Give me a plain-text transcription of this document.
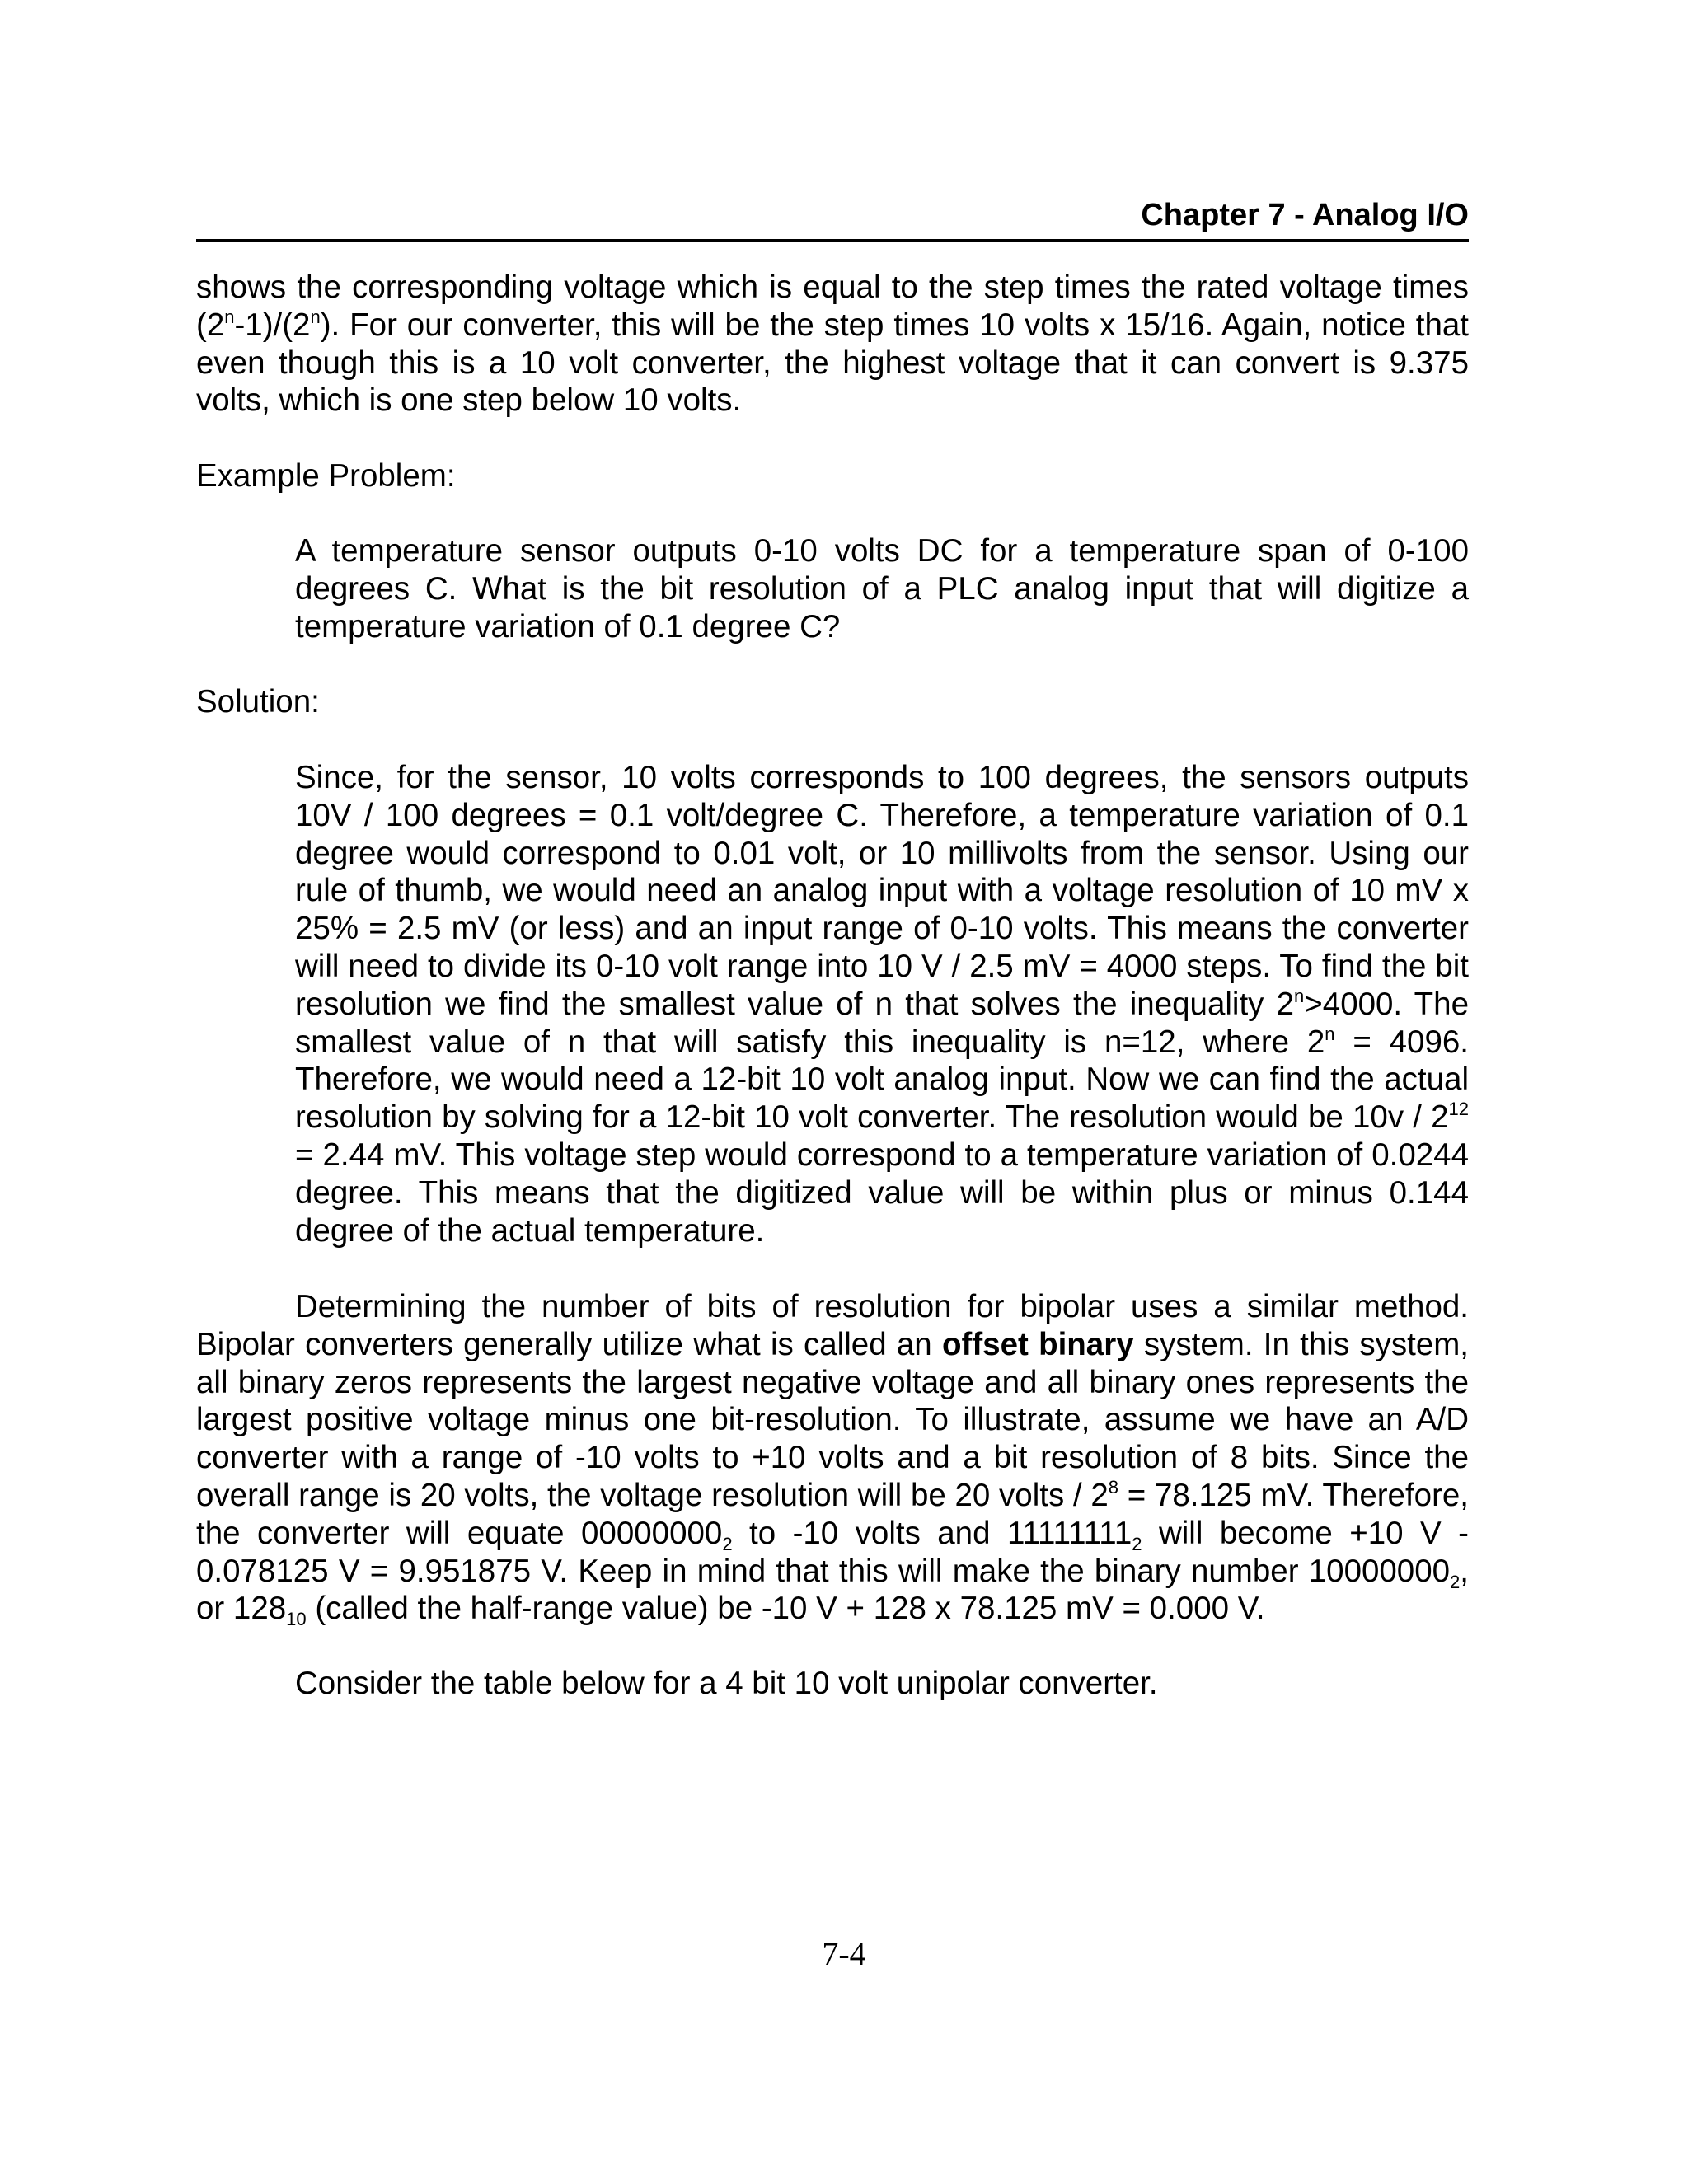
Chapter 7 - Analog I/O

shows the corresponding voltage which is equal to the step times the rated voltage times (2$^n$-1)/(2$^n$). For our converter, this will be the step times 10 volts x 15/16. Again, notice that even though this is a 10 volt converter, the highest voltage that it can convert is 9.375 volts, which is one step below 10 volts.

Example Problem:

A temperature sensor outputs 0-10 volts DC for a temperature span of 0-100 degrees C. What is the bit resolution of a PLC analog input that will digitize a temperature variation of 0.1 degree C?

Solution:

Since, for the sensor, 10 volts corresponds to 100 degrees, the sensors outputs 10V / 100 degrees = 0.1 volt/degree C. Therefore, a temperature variation of 0.1 degree would correspond to 0.01 volt, or 10 millivolts from the sensor. Using our rule of thumb, we would need an analog input with a voltage resolution of 10 mV x 25% = 2.5 mV (or less) and an input range of 0-10 volts. This means the converter will need to divide its 0-10 volt range into 10 V / 2.5 mV = 4000 steps. To find the bit resolution we find the smallest value of n that solves the inequality $2^n>4000$. The smallest value of n that will satisfy this inequality is n=12, where $2^n = 4096$. Therefore, we would need a 12-bit 10 volt analog input. Now we can find the actual resolution by solving for a 12-bit 10 volt converter. The resolution would be $10v / 2^{12} = 2.44$ mV. This voltage step would correspond to a temperature variation of 0.0244 degree. This means that the digitized value will be within plus or minus 0.144 degree of the actual temperature.

Determining the number of bits of resolution for bipolar uses a similar method. Bipolar converters generally utilize what is called an offset binary system. In this system, all binary zeros represents the largest negative voltage and all binary ones represents the largest positive voltage minus one bit-resolution. To illustrate, assume we have an A/D converter with a range of -10 volts to +10 volts and a bit resolution of 8 bits. Since the overall range is 20 volts, the voltage resolution will be 20 volts / $2^8 = 78.125$ mV. Therefore, the converter will equate $00000000_2$ to -10 volts and $11111111_2$ will become +10 V - 0.078125 V = 9.951875 V. Keep in mind that this will make the binary number $10000000_2$, or $128_{10}$ (called the half-range value) be -10 V + 128 x 78.125 mV = 0.000 V.

Consider the table below for a 4 bit 10 volt unipolar converter.

7-4
